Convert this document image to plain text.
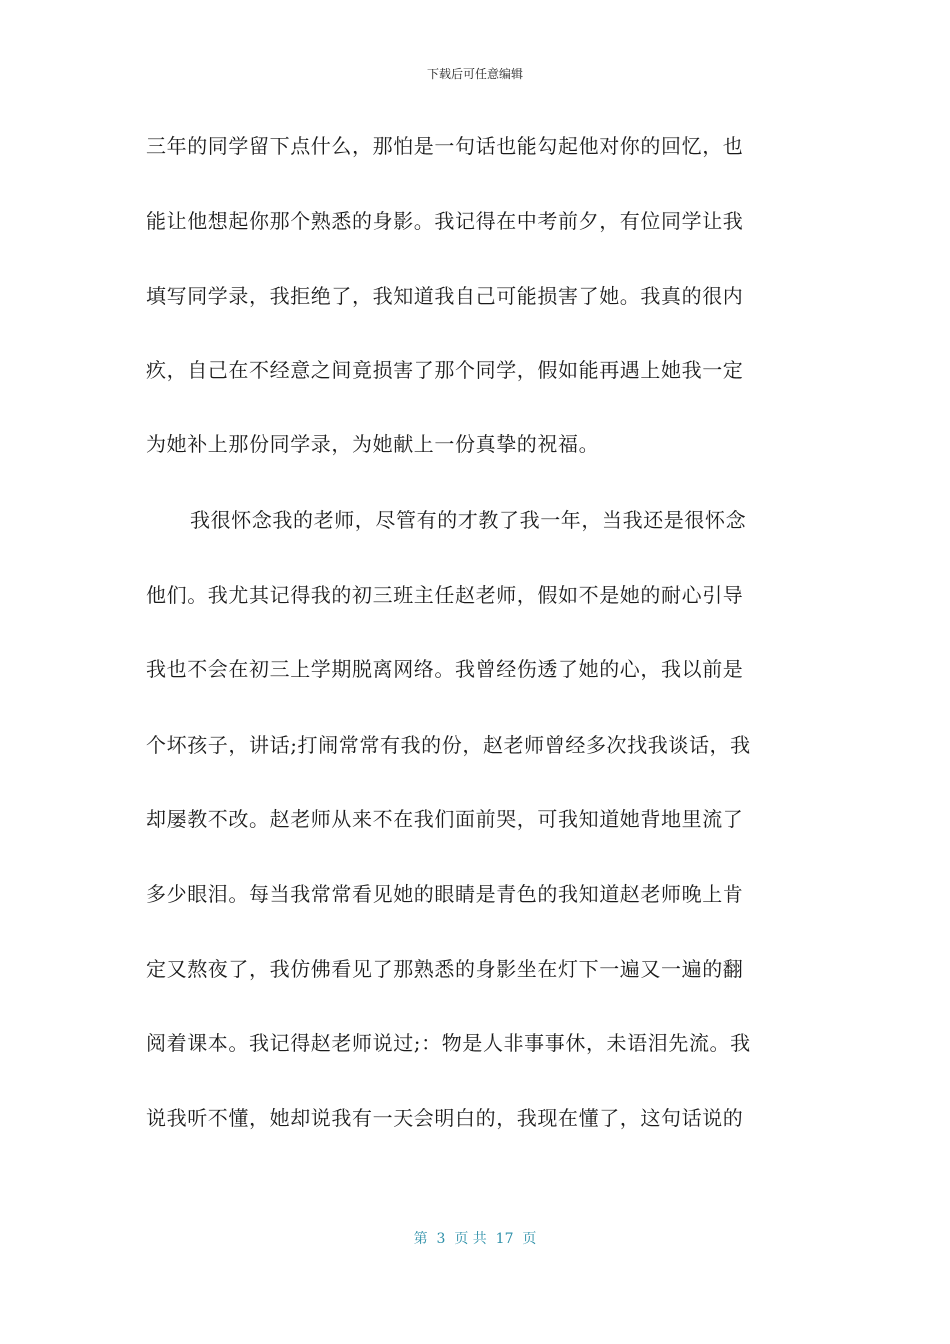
下载后可任意编辑
三年的同学留下点什么，那怕是一句话也能勾起他对你的回忆，也
能让他想起你那个熟悉的身影。我记得在中考前夕，有位同学让我
填写同学录，我拒绝了，我知道我自己可能损害了她。我真的很内
疚，自己在不经意之间竟损害了那个同学，假如能再遇上她我一定
为她补上那份同学录，为她献上一份真挚的祝福。
我很怀念我的老师，尽管有的才教了我一年，当我还是很怀念
他们。我尤其记得我的初三班主任赵老师，假如不是她的耐心引导
我也不会在初三上学期脱离网络。我曾经伤透了她的心，我以前是
个坏孩子，讲话;打闹常常有我的份，赵老师曾经多次找我谈话，我
却屡教不改。赵老师从来不在我们面前哭，可我知道她背地里流了
多少眼泪。每当我常常看见她的眼睛是青色的我知道赵老师晚上肯
定又熬夜了，我仿佛看见了那熟悉的身影坐在灯下一遍又一遍的翻
阅着课本。我记得赵老师说过;：物是人非事事休，未语泪先流。我
说我听不懂，她却说我有一天会明白的，我现在懂了，这句话说的
第  3  页 共  17  页
